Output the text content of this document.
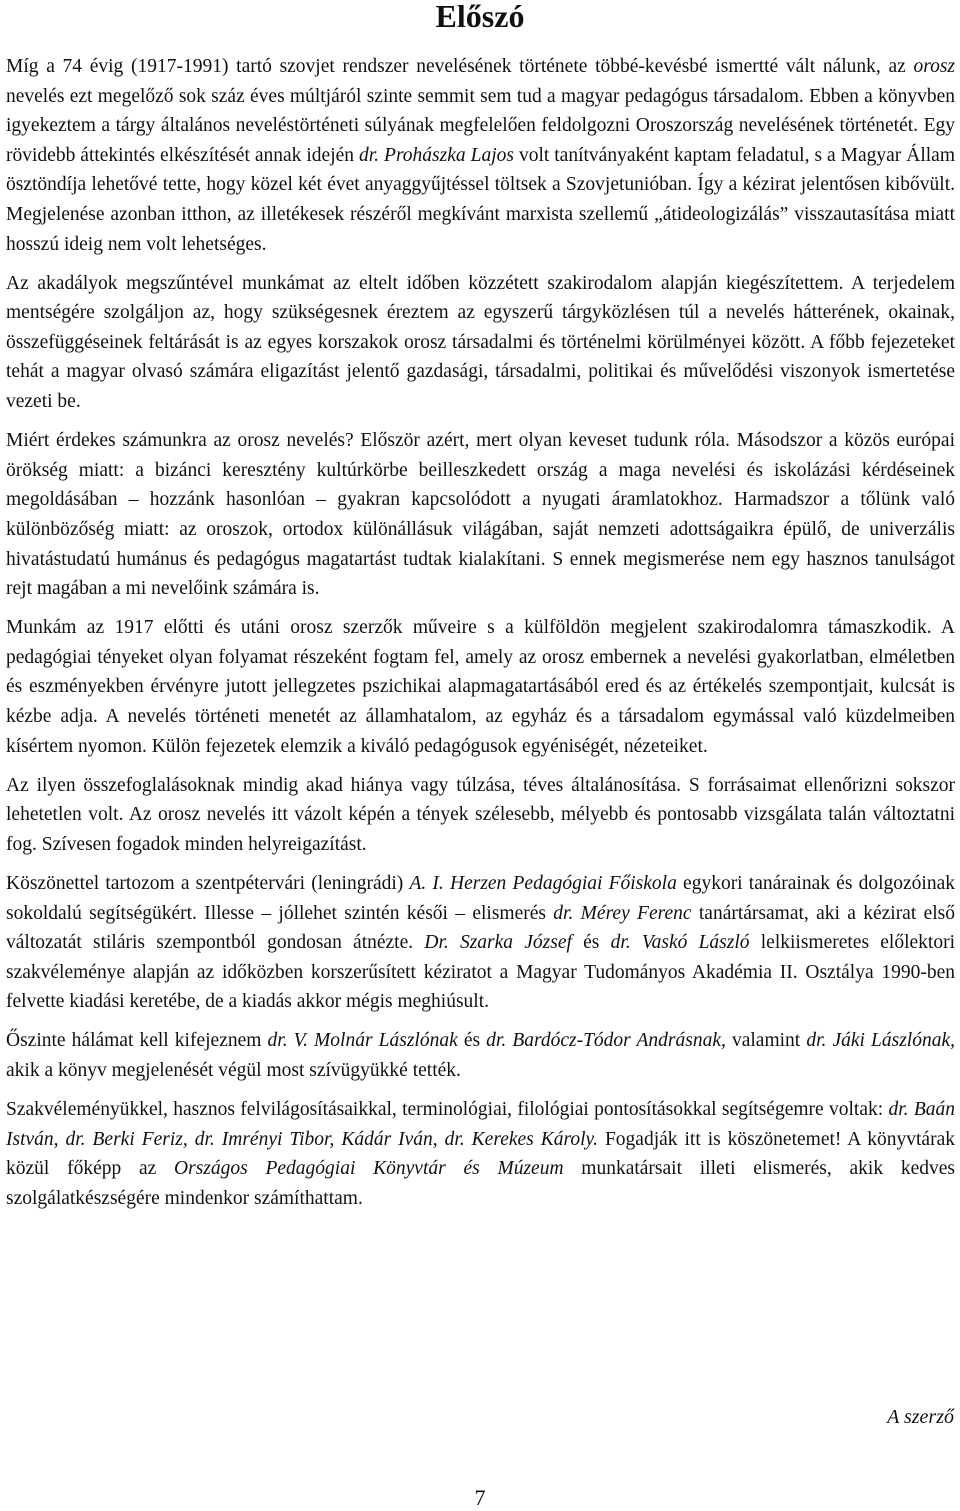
Előszó

Míg a 74 évig (1917-1991) tartó szovjet rendszer nevelésének története többé-kevésbé ismertté vált nálunk, az orosz nevelés ezt megelőző sok száz éves múltjáról szinte semmit sem tud a magyar pedagógus társadalom. Ebben a könyvben igyekeztem a tárgy általános neveléstörténeti súlyának megfelelően feldolgozni Oroszország nevelésének történetét. Egy rövidebb áttekintés elkészítését annak idején dr. Prohászka Lajos volt tanítványaként kaptam feladatul, s a Magyar Állam ösztöndíja lehetővé tette, hogy közel két évet anyaggyűjtéssel töltsek a Szovjetunióban. Így a kézirat jelentősen kibővült. Megjelenése azonban itthon, az illetékesek részéről megkívánt marxista szellemű „átideologizálás” visszautasítása miatt hosszú ideig nem volt lehetséges.

Az akadályok megszűntével munkámat az eltelt időben közzétett szakirodalom alapján kiegészítettem. A terjedelem mentségére szolgáljon az, hogy szükségesnek éreztem az egyszerű tárgyközlésen túl a nevelés hátterének, okainak, összefüggéseinek feltárását is az egyes korszakok orosz társadalmi és történelmi körülményei között. A főbb fejezeteket tehát a magyar olvasó számára eligazítást jelentő gazdasági, társadalmi, politikai és művelődési viszonyok ismertetése vezeti be.

Miért érdekes számunkra az orosz nevelés? Először azért, mert olyan keveset tudunk róla. Másodszor a közös európai örökség miatt: a bizánci keresztény kultúrkörbe beilleszkedett ország a maga nevelési és iskolázási kérdéseinek megoldásában – hozzánk hasonlóan – gyakran kapcsolódott a nyugati áramlatokhoz. Harmadszor a tőlünk való különbözőség miatt: az oroszok, ortodox különállásuk világában, saját nemzeti adottságaikra épülő, de univerzális hivatástudatú humánus és pedagógus magatartást tudtak kialakítani. S ennek megismerése nem egy hasznos tanulságot rejt magában a mi nevelőink számára is.

Munkám az 1917 előtti és utáni orosz szerzők műveire s a külföldön megjelent szakirodalomra támaszkodik. A pedagógiai tényeket olyan folyamat részeként fogtam fel, amely az orosz embernek a nevelési gyakorlatban, elméletben és eszményekben érvényre jutott jellegzetes pszichikai alapmagatartásából ered és az értékelés szempontjait, kulcsát is kézbe adja. A nevelés történeti menetét az államhatalom, az egyház és a társadalom egymással való küzdelmeiben kísértem nyomon. Külön fejezetek elemzik a kiváló pedagógusok egyéniségét, nézeteiket.

Az ilyen összefoglalásoknak mindig akad hiánya vagy túlzása, téves általánosítása. S forrásaimat ellenőrizni sokszor lehetetlen volt. Az orosz nevelés itt vázolt képén a tények szélesebb, mélyebb és pontosabb vizsgálata talán változtatni fog. Szívesen fogadok minden helyreigazítást.

Köszönettel tartozom a szentpétervári (leningrádi) A. I. Herzen Pedagógiai Főiskola egykori tanárainak és dolgozóinak sokoldalú segítségükért. Illesse – jóllehet szintén késői – elismerés dr. Mérey Ferenc tanártársamat, aki a kézirat első változatát stiláris szempontból gondosan átnézte. Dr. Szarka József és dr. Vaskó László lelkiismeretes előlektori szakvéleménye alapján az időközben korszerűsített kéziratot a Magyar Tudományos Akadémia II. Osztálya 1990-ben felvette kiadási keretébe, de a kiadás akkor mégis meghiúsult.

Őszinte hálámat kell kifejeznem dr. V. Molnár Lászlónak és dr. Bardócz-Tódor Andrásnak, valamint dr. Jáki Lászlónak, akik a könyv megjelenését végül most szívügyükké tették.

Szakvéleményükkel, hasznos felvilágosításaikkal, terminológiai, filológiai pontosításokkal segítségemre voltak: dr. Baán István, dr. Berki Feriz, dr. Imrényi Tibor, Kádár Iván, dr. Kerekes Károly. Fogadják itt is köszönetemet! A könyvtárak közül főképp az Országos Pedagógiai Könyvtár és Múzeum munkatársait illeti elismerés, akik kedves szolgálatkészségére mindenkor számíthattam.

A szerző
7
